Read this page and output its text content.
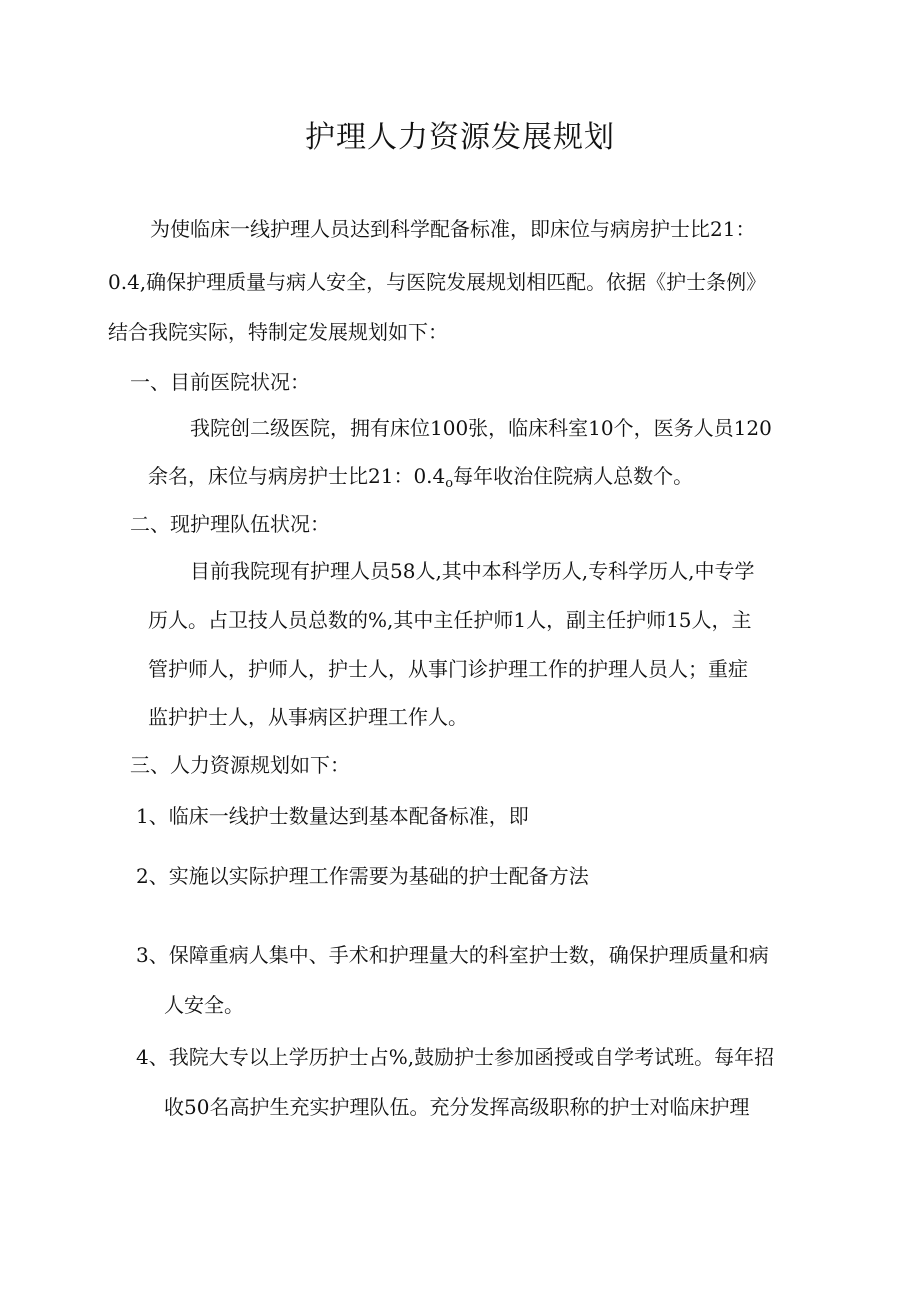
护理人力资源发展规划

为使临床一线护理人员达到科学配备标准，即床位与病房护士比21：

0.4,确保护理质量与病人安全，与医院发展规划相匹配。依据《护士条例》

结合我院实际，特制定发展规划如下：

一、目前医院状况：

我院创二级医院，拥有床位100张，临床科室10个，医务人员120

余名，床位与病房护士比21：$0.4_o$每年收治住院病人总数个。

二、现护理队伍状况：

目前我院现有护理人员58人,其中本科学历人,专科学历人,中专学

历人。占卫技人员总数的%,其中主任护师1人，副主任护师15人，主

管护师人，护师人，护士人，从事门诊护理工作的护理人员人；重症

监护护士人，从事病区护理工作人。

三、人力资源规划如下：

1、临床一线护士数量达到基本配备标准，即

2、实施以实际护理工作需要为基础的护士配备方法

3、保障重病人集中、手术和护理量大的科室护士数，确保护理质量和病

人安全。

4、我院大专以上学历护士占%,鼓励护士参加函授或自学考试班。每年招

收50名高护生充实护理队伍。充分发挥高级职称的护士对临床护理
